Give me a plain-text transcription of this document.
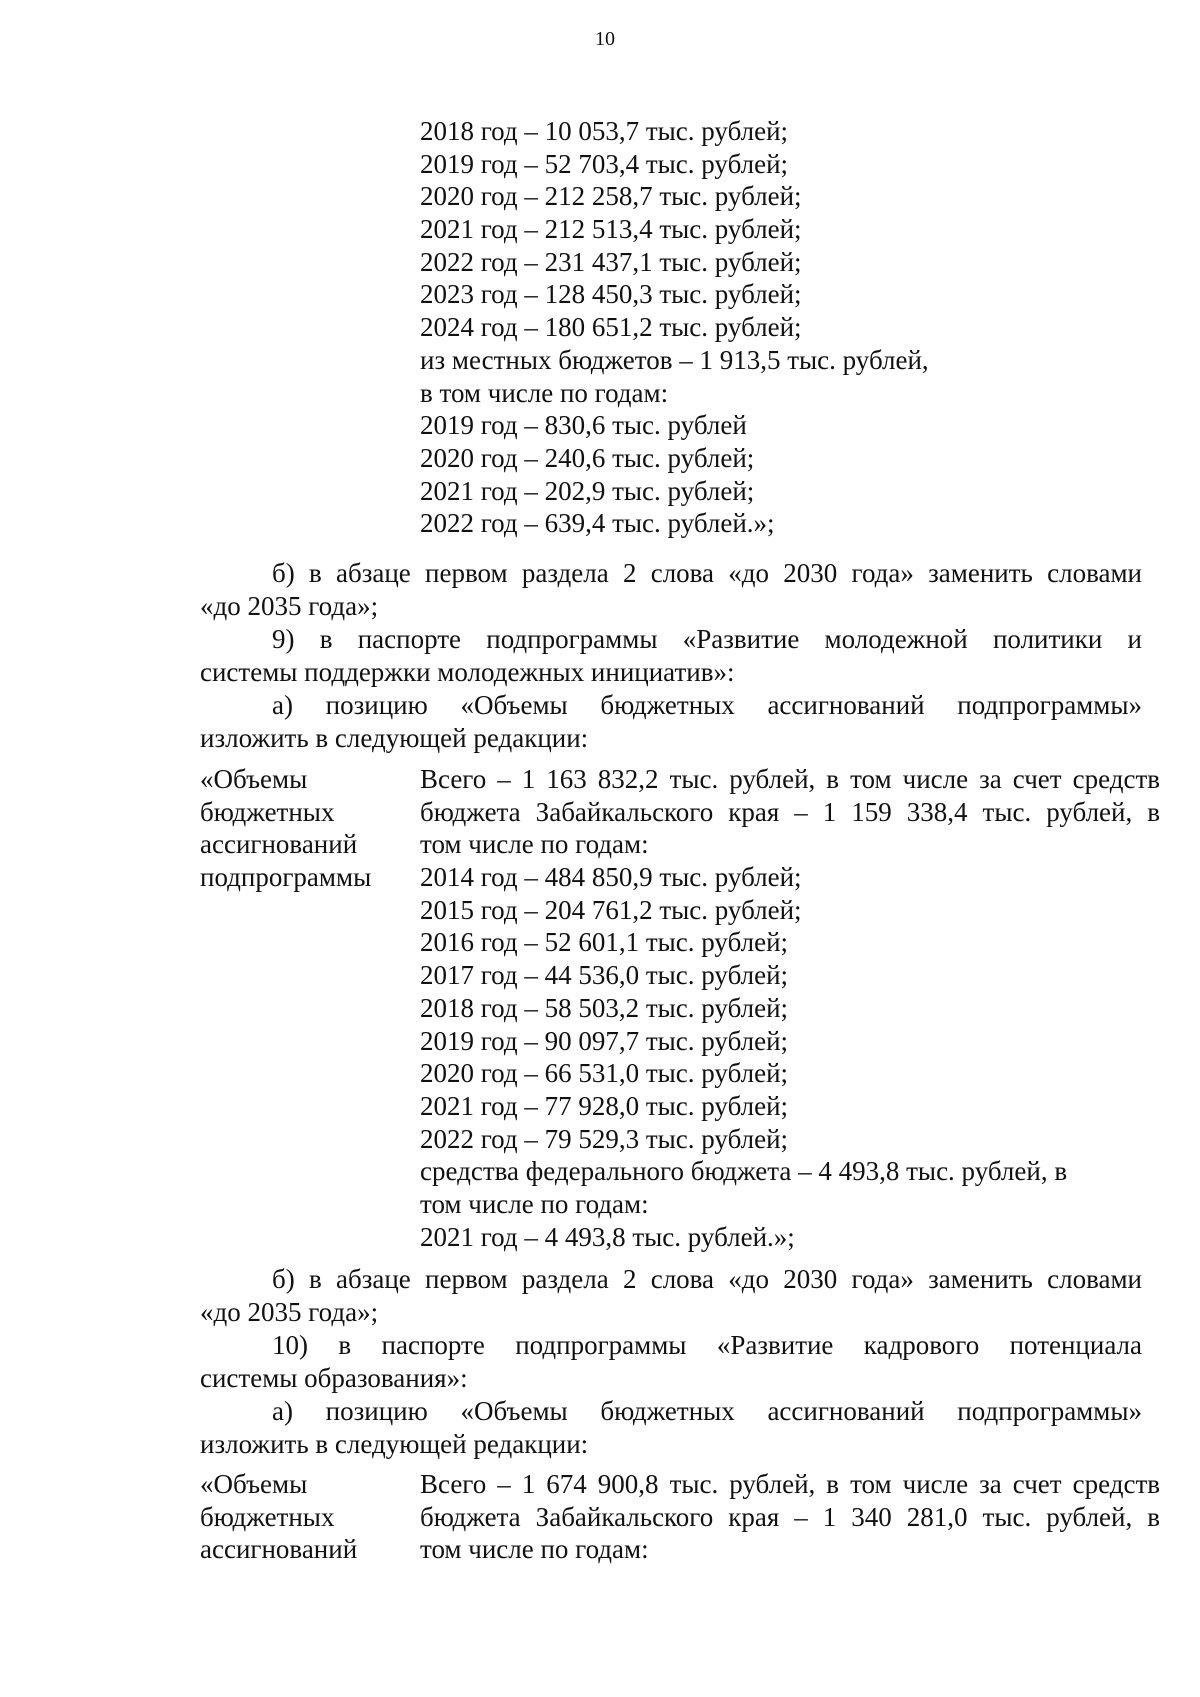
10
2018 год – 10 053,7 тыс. рублей;
2019 год – 52 703,4 тыс. рублей;
2020 год – 212 258,7 тыс. рублей;
2021 год – 212 513,4 тыс. рублей;
2022 год – 231 437,1 тыс. рублей;
2023 год – 128 450,3 тыс. рублей;
2024 год – 180 651,2 тыс. рублей;
из местных бюджетов – 1 913,5 тыс. рублей,
в том числе по годам:
2019 год – 830,6 тыс. рублей
2020 год – 240,6 тыс. рублей;
2021 год – 202,9 тыс. рублей;
2022 год – 639,4 тыс. рублей.»;
б) в абзаце первом раздела 2 слова «до 2030 года» заменить словами
«до 2035 года»;
9) в паспорте подпрограммы «Развитие молодежной политики и
системы поддержки молодежных инициатив»:
а) позицию «Объемы бюджетных ассигнований подпрограммы»
изложить в следующей редакции:
«Объемы
бюджетных
ассигнований
подпрограммы
Всего – 1 163 832,2 тыс. рублей, в том числе за счет средств
бюджета Забайкальского края – 1 159 338,4 тыс. рублей, в
том числе по годам:
2014 год – 484 850,9 тыс. рублей;
2015 год – 204 761,2 тыс. рублей;
2016 год – 52 601,1 тыс. рублей;
2017 год – 44 536,0 тыс. рублей;
2018 год – 58 503,2 тыс. рублей;
2019 год – 90 097,7 тыс. рублей;
2020 год – 66 531,0 тыс. рублей;
2021 год – 77 928,0 тыс. рублей;
2022 год – 79 529,3 тыс. рублей;
средства федерального бюджета – 4 493,8 тыс. рублей, в
том числе по годам:
2021 год – 4 493,8 тыс. рублей.»;
б) в абзаце первом раздела 2 слова «до 2030 года» заменить словами
«до 2035 года»;
10) в паспорте подпрограммы «Развитие кадрового потенциала
системы образования»:
а) позицию «Объемы бюджетных ассигнований подпрограммы»
изложить в следующей редакции:
«Объемы
бюджетных
ассигнований
Всего – 1 674 900,8 тыс. рублей, в том числе за счет средств
бюджета Забайкальского края – 1 340 281,0 тыс. рублей, в
том числе по годам:
